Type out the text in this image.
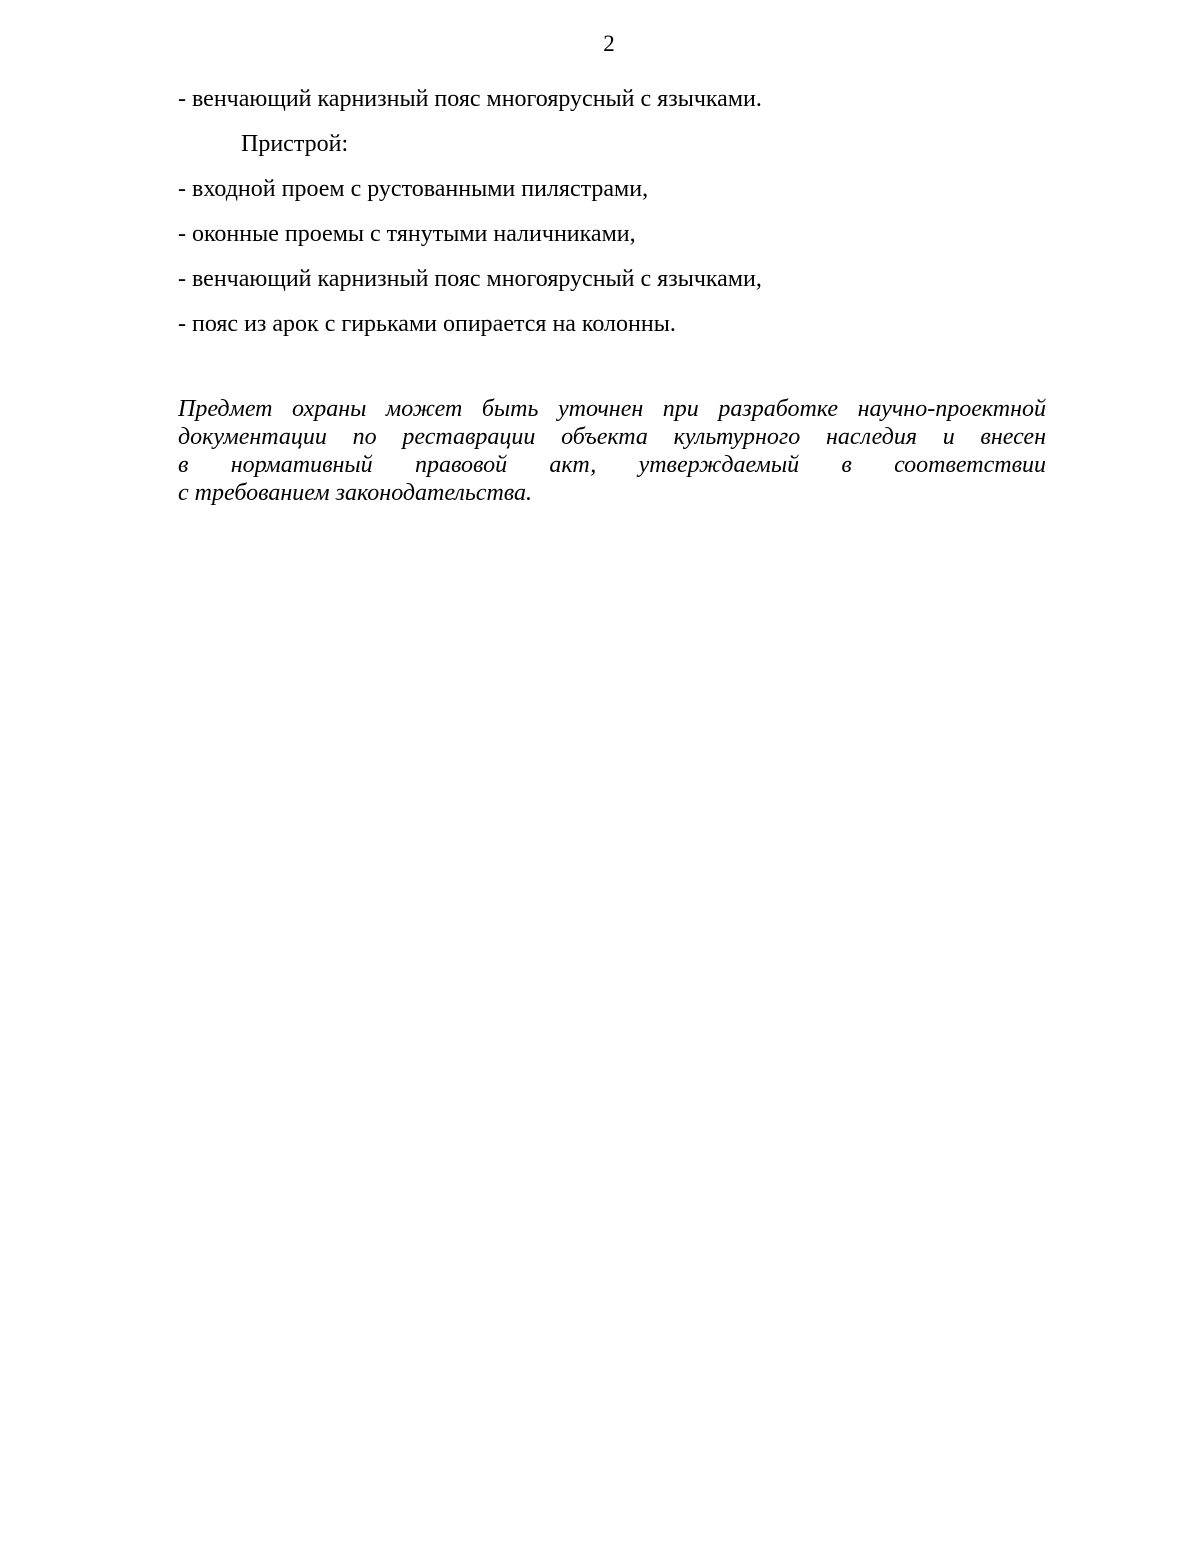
2
- венчающий карнизный пояс многоярусный с язычками.
Пристрой:
- входной проем с рустованными пилястрами,
- оконные проемы с тянутыми наличниками,
- венчающий карнизный пояс многоярусный с язычками,
- пояс из арок с гирьками опирается на колонны.
Предмет охраны может быть уточнен при разработке научно-проектной
документации по реставрации объекта культурного наследия и внесен
в нормативный правовой акт, утверждаемый в соответствии
с требованием законодательства.
